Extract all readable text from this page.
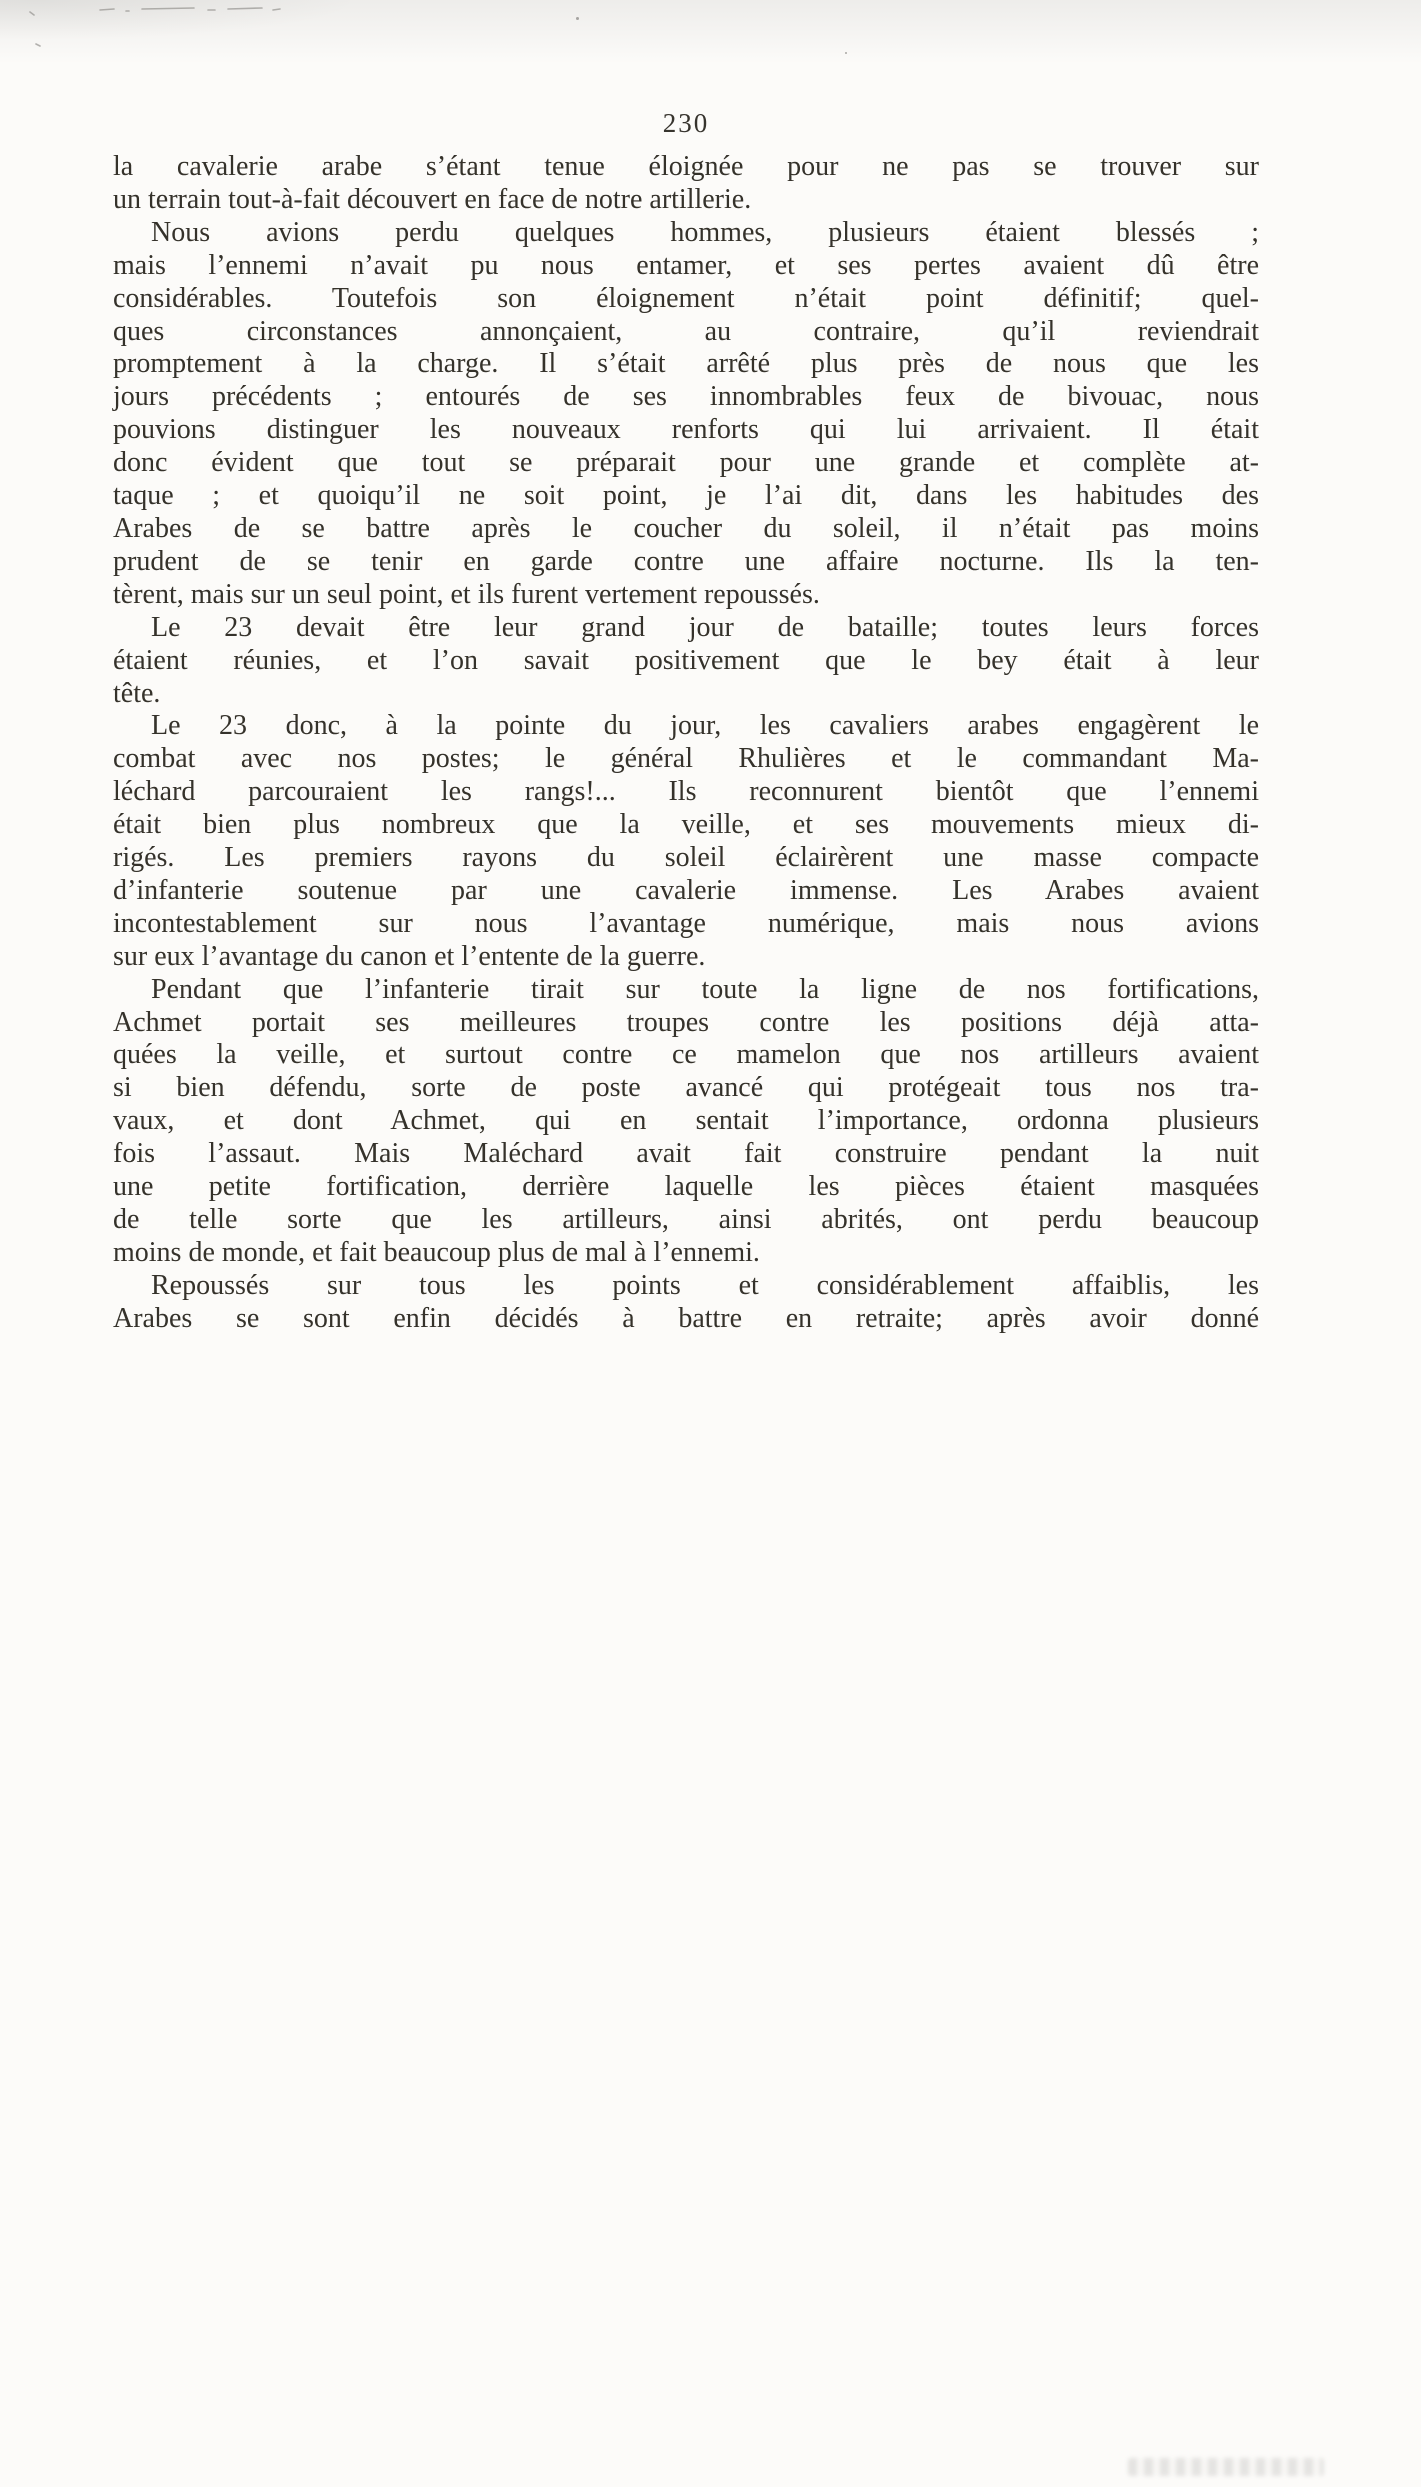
230
la cavalerie arabe s’étant tenue éloignée pour ne pas se trouver sur
un terrain tout-à-fait découvert en face de notre artillerie.
Nous avions perdu quelques hommes, plusieurs étaient blessés ;
mais l’ennemi n’avait pu nous entamer, et ses pertes avaient dû être
considérables. Toutefois son éloignement n’était point définitif; quel-
ques circonstances annonçaient, au contraire, qu’il reviendrait
promptement à la charge. Il s’était arrêté plus près de nous que les
jours précédents ; entourés de ses innombrables feux de bivouac, nous
pouvions distinguer les nouveaux renforts qui lui arrivaient. Il était
donc évident que tout se préparait pour une grande et complète at-
taque ; et quoiqu’il ne soit point, je l’ai dit, dans les habitudes des
Arabes de se battre après le coucher du soleil, il n’était pas moins
prudent de se tenir en garde contre une affaire nocturne. Ils la ten-
tèrent, mais sur un seul point, et ils furent vertement repoussés.
Le 23 devait être leur grand jour de bataille; toutes leurs forces
étaient réunies, et l’on savait positivement que le bey était à leur
tête.
Le 23 donc, à la pointe du jour, les cavaliers arabes engagèrent le
combat avec nos postes; le général Rhulières et le commandant Ma-
léchard parcouraient les rangs!... Ils reconnurent bientôt que l’ennemi
était bien plus nombreux que la veille, et ses mouvements mieux di-
rigés. Les premiers rayons du soleil éclairèrent une masse compacte
d’infanterie soutenue par une cavalerie immense. Les Arabes avaient
incontestablement sur nous l’avantage numérique, mais nous avions
sur eux l’avantage du canon et l’entente de la guerre.
Pendant que l’infanterie tirait sur toute la ligne de nos fortifications,
Achmet portait ses meilleures troupes contre les positions déjà atta-
quées la veille, et surtout contre ce mamelon que nos artilleurs avaient
si bien défendu, sorte de poste avancé qui protégeait tous nos tra-
vaux, et dont Achmet, qui en sentait l’importance, ordonna plusieurs
fois l’assaut. Mais Maléchard avait fait construire pendant la nuit
une petite fortification, derrière laquelle les pièces étaient masquées
de telle sorte que les artilleurs, ainsi abrités, ont perdu beaucoup
moins de monde, et fait beaucoup plus de mal à l’ennemi.
Repoussés sur tous les points et considérablement affaiblis, les
Arabes se sont enfin décidés à battre en retraite; après avoir donné
